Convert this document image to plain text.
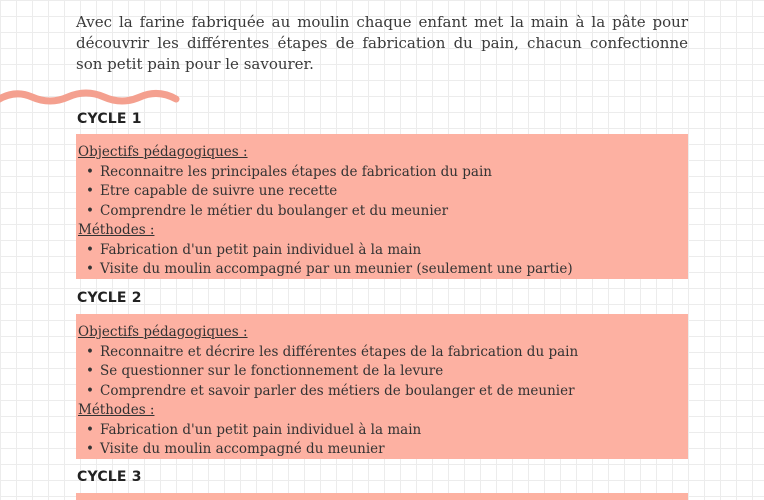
Avec la farine fabriquée au moulin chaque enfant met la main à la pâte pour découvrir les différentes étapes de fabrication du pain, chacun confectionne son petit pain pour le savourer.

CYCLE 1
Objectifs pédagogiques :
• Reconnaitre les principales étapes de fabrication du pain
• Etre capable de suivre une recette
• Comprendre le métier du boulanger et du meunier
Méthodes :
• Fabrication d'un petit pain individuel à la main
• Visite du moulin accompagné par un meunier (seulement une partie)
CYCLE 2
Objectifs pédagogiques :
• Reconnaitre et décrire les différentes étapes de la fabrication du pain
• Se questionner sur le fonctionnement de la levure
• Comprendre et savoir parler des métiers de boulanger et de meunier
Méthodes :
• Fabrication d'un petit pain individuel à la main
• Visite du moulin accompagné du meunier
CYCLE 3
